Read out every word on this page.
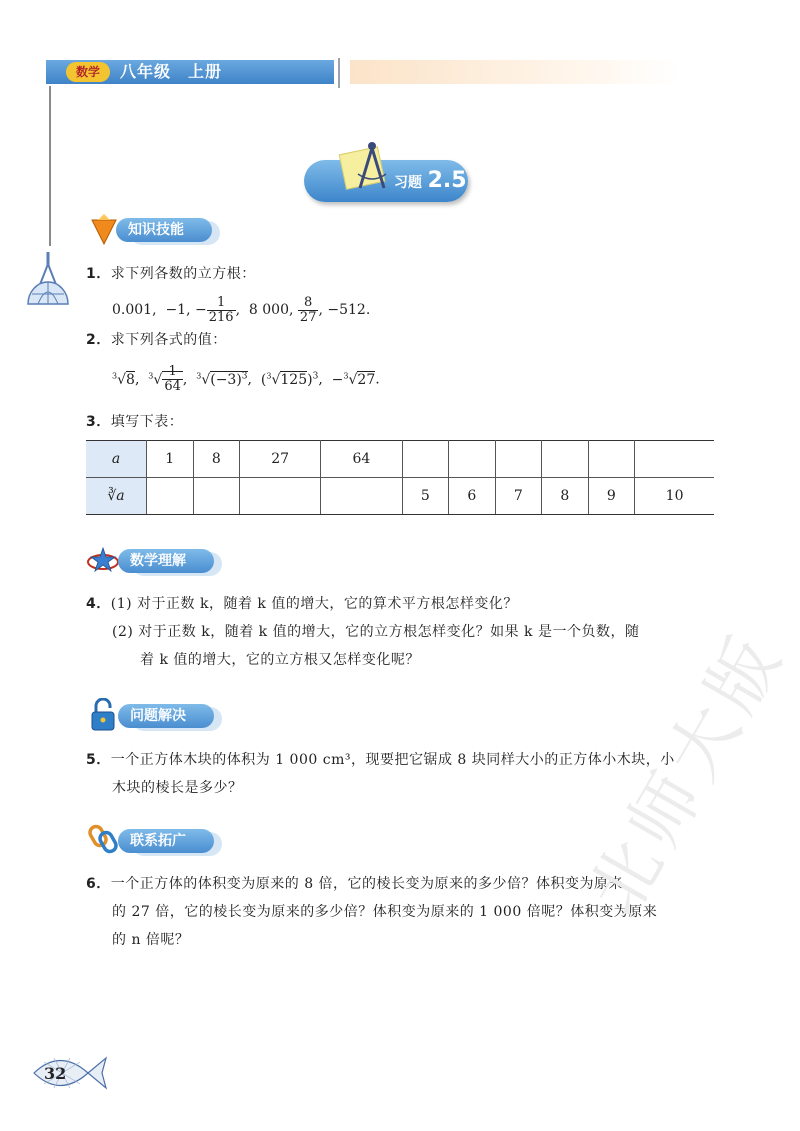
数学	八年级　上册
习题 2.5
知识技能
1．求下列各数的立方根：
0.001,  −1, − $\frac{1}{216}$ ,  8 000, $\frac{8}{27}$ , −512.
2．求下列各式的值：
$^3$√8,  $^3√ \frac{1}{64}$ ,  $^3√(-3)^3$,  $(^3√125)^3$,  −$^3$√27.
3．填写下表：
a	1	8	27	64						
∛a					5	6	7	8	9	10
数学理解
4．(1) 对于正数 k，随着 k 值的增大，它的算术平方根怎样变化？
(2) 对于正数 k，随着 k 值的增大，它的立方根怎样变化？如果 k 是一个负数，随
着 k 值的增大，它的立方根又怎样变化呢？
问题解决
5．一个正方体木块的体积为 1 000 cm³，现要把它锯成 8 块同样大小的正方体小木块，小
木块的棱长是多少？
联系拓广
6．一个正方体的体积变为原来的 8 倍，它的棱长变为原来的多少倍？体积变为原来
的 27 倍，它的棱长变为原来的多少倍？体积变为原来的 1 000 倍呢？体积变为原来
的 n 倍呢？
北师大版
32
